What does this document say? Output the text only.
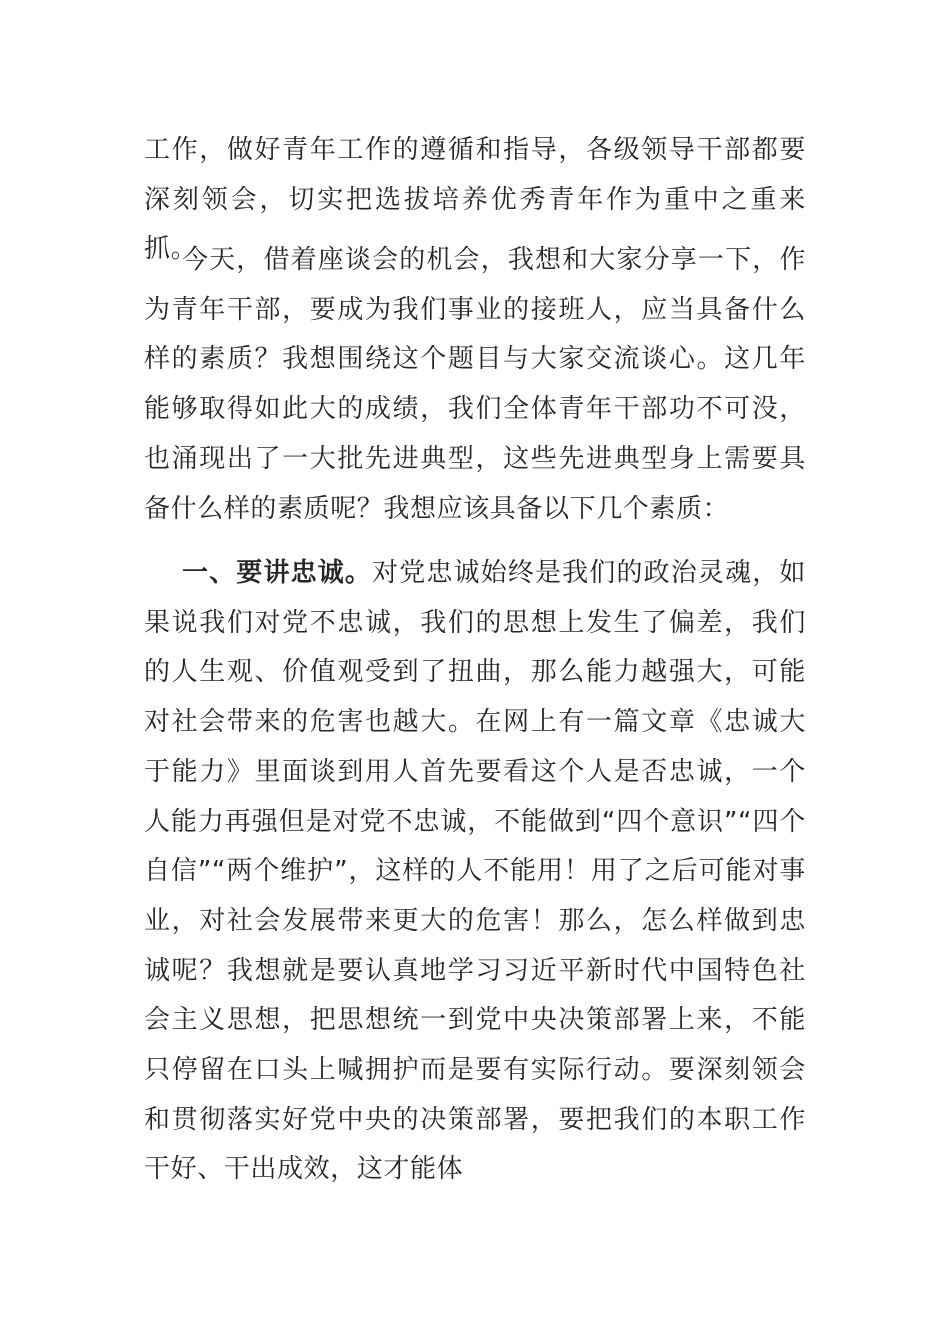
工作，做好青年工作的遵循和指导，各级领导干部都要深刻领会，切实把选拔培养优秀青年作为重中之重来抓。

今天，借着座谈会的机会，我想和大家分享一下，作为青年干部，要成为我们事业的接班人，应当具备什么样的素质？我想围绕这个题目与大家交流谈心。这几年能够取得如此大的成绩，我们全体青年干部功不可没，也涌现出了一大批先进典型，这些先进典型身上需要具备什么样的素质呢？我想应该具备以下几个素质：

一、要讲忠诚。对党忠诚始终是我们的政治灵魂，如果说我们对党不忠诚，我们的思想上发生了偏差，我们的人生观、价值观受到了扭曲，那么能力越强大，可能对社会带来的危害也越大。在网上有一篇文章《忠诚大于能力》里面谈到用人首先要看这个人是否忠诚，一个人能力再强但是对党不忠诚，不能做到“四个意识”“四个自信”“两个维护”，这样的人不能用！用了之后可能对事业，对社会发展带来更大的危害！那么，怎么样做到忠诚呢？我想就是要认真地学习习近平新时代中国特色社会主义思想，把思想统一到党中央决策部署上来，不能只停留在口头上喊拥护而是要有实际行动。要深刻领会和贯彻落实好党中央的决策部署，要把我们的本职工作干好、干出成效，这才能体
